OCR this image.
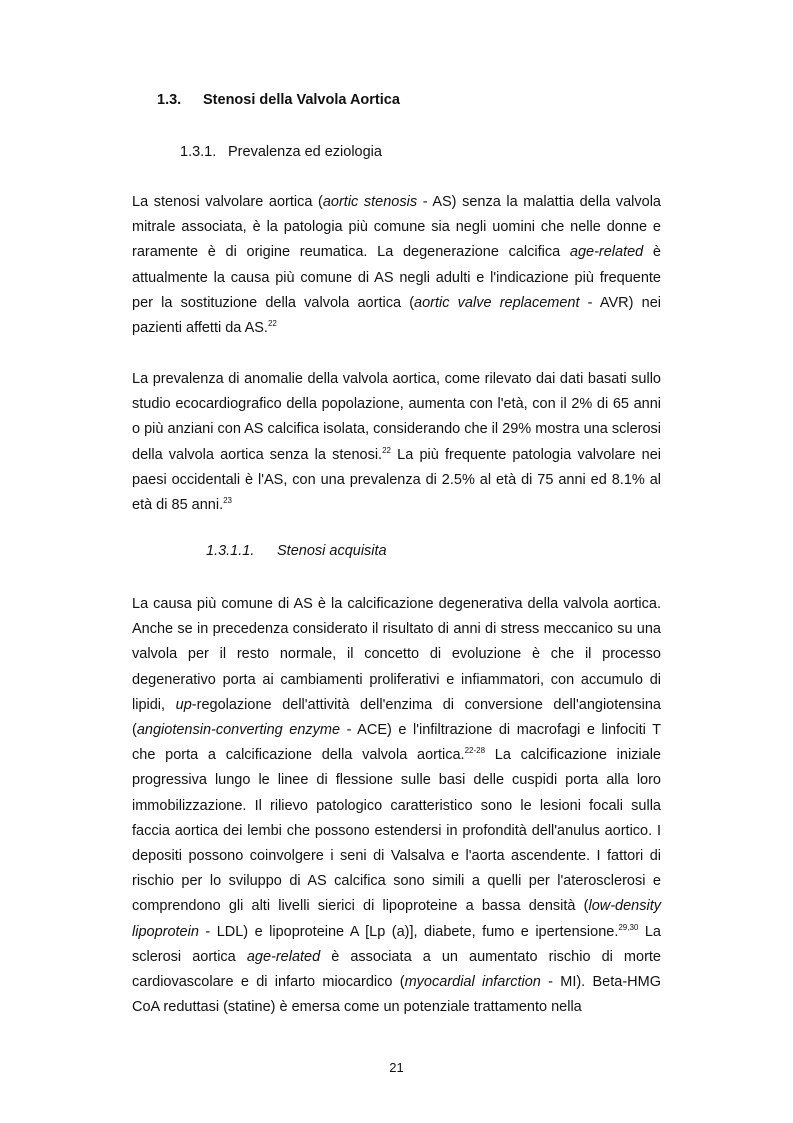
1.3. Stenosi della Valvola Aortica
1.3.1. Prevalenza ed eziologia

La stenosi valvolare aortica (aortic stenosis - AS) senza la malattia della valvola mitrale associata, è la patologia più comune sia negli uomini che nelle donne e raramente è di origine reumatica. La degenerazione calcifica age-related è attualmente la causa più comune di AS negli adulti e l'indicazione più frequente per la sostituzione della valvola aortica (aortic valve replacement - AVR) nei pazienti affetti da AS.$^{22}$

La prevalenza di anomalie della valvola aortica, come rilevato dai dati basati sullo studio ecocardiografico della popolazione, aumenta con l'età, con il 2% di 65 anni o più anziani con AS calcifica isolata, considerando che il 29% mostra una sclerosi della valvola aortica senza la stenosi.$^{22}$ La più frequente patologia valvolare nei paesi occidentali è l'AS, con una prevalenza di 2.5% al età di 75 anni ed 8.1% al età di 85 anni.$^{23}$

1.3.1.1. Stenosi acquisita

La causa più comune di AS è la calcificazione degenerativa della valvola aortica. Anche se in precedenza considerato il risultato di anni di stress meccanico su una valvola per il resto normale, il concetto di evoluzione è che il processo degenerativo porta ai cambiamenti proliferativi e infiammatori, con accumulo di lipidi, up-regolazione dell'attività dell'enzima di conversione dell'angiotensina (angiotensin-converting enzyme - ACE) e l'infiltrazione di macrofagi e linfociti T che porta a calcificazione della valvola aortica.$^{22-28}$ La calcificazione iniziale progressiva lungo le linee di flessione sulle basi delle cuspidi porta alla loro immobilizzazione. Il rilievo patologico caratteristico sono le lesioni focali sulla faccia aortica dei lembi che possono estendersi in profondità dell'anulus aortico. I depositi possono coinvolgere i seni di Valsalva e l'aorta ascendente. I fattori di rischio per lo sviluppo di AS calcifica sono simili a quelli per l'aterosclerosi e comprendono gli alti livelli sierici di lipoproteine a bassa densità (low-density lipoprotein - LDL) e lipoproteine A [Lp (a)], diabete, fumo e ipertensione.$^{29,30}$ La sclerosi aortica age-related è associata a un aumentato rischio di morte cardiovascolare e di infarto miocardico (myocardial infarction - MI). Beta-HMG CoA reduttasi (statine) è emersa come un potenziale trattamento nella

21
